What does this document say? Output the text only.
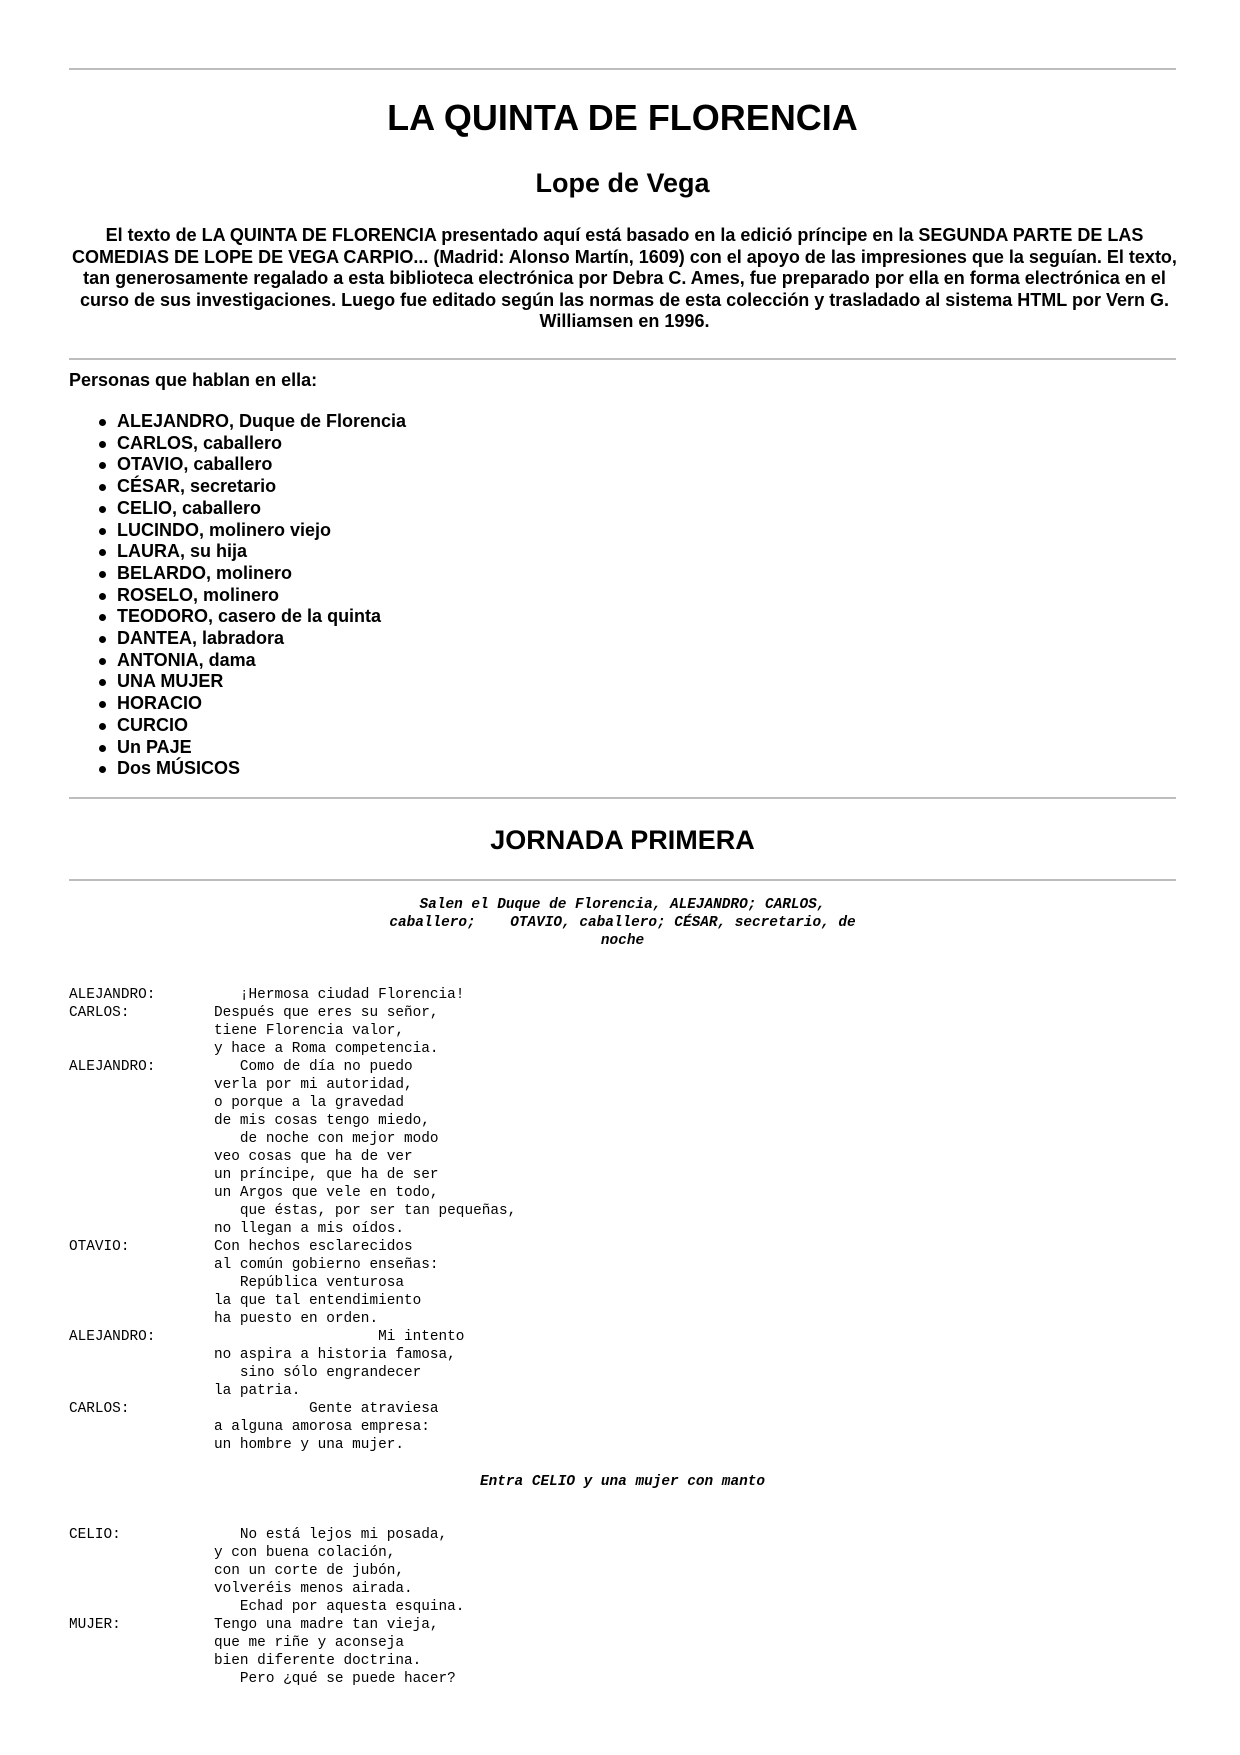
LA QUINTA DE FLORENCIA
Lope de Vega

El texto de LA QUINTA DE FLORENCIA presentado aquí está basado en la edició príncipe en la SEGUNDA PARTE DE LAS COMEDIAS DE LOPE DE VEGA CARPIO... (Madrid: Alonso Martín, 1609) con el apoyo de las impresiones que la seguían. El texto, tan generosamente regalado a esta biblioteca electrónica por Debra C. Ames, fue preparado por ella en forma electrónica en el curso de sus investigaciones. Luego fue editado según las normas de esta colección y trasladado al sistema HTML por Vern G. Williamsen en 1996.

Personas que hablan en ella:

ALEJANDRO, Duque de Florencia
CARLOS, caballero
OTAVIO, caballero
CÉSAR, secretario
CELIO, caballero
LUCINDO, molinero viejo
LAURA, su hija
BELARDO, molinero
ROSELO, molinero
TEODORO, casero de la quinta
DANTEA, labradora
ANTONIA, dama
UNA MUJER
HORACIO
CURCIO
Un PAJE
Dos MÚSICOS
JORNADA PRIMERA

Salen el Duque de Florencia, ALEJANDRO; CARLOS,
caballero;    OTAVIO, caballero; CÉSAR, secretario, de
noche

ALEJANDRO:	¡Hermosa ciudad Florencia!
CARLOS:	Después que eres su señor,
tiene Florencia valor,
y hace a Roma competencia.
ALEJANDRO:	Como de día no puedo
verla por mi autoridad,
o porque a la gravedad
de mis cosas tengo miedo,
de noche con mejor modo
veo cosas que ha de ver
un príncipe, que ha de ser
un Argos que vele en todo,
que éstas, por ser tan pequeñas,
no llegan a mis oídos.
OTAVIO:	Con hechos esclarecidos
al común gobierno enseñas:
República venturosa
la que tal entendimiento
ha puesto en orden.
ALEJANDRO:	Mi intento
no aspira a historia famosa,
sino sólo engrandecer
la patria.
CARLOS:	Gente atraviesa
a alguna amorosa empresa:
un hombre y una mujer.

Entra CELIO y una mujer con manto

CELIO:	No está lejos mi posada,
y con buena colación,
con un corte de jubón,
volveréis menos airada.
Echad por aquesta esquina.
MUJER:	Tengo una madre tan vieja,
que me riñe y aconseja
bien diferente doctrina.
Pero ¿qué se puede hacer?
